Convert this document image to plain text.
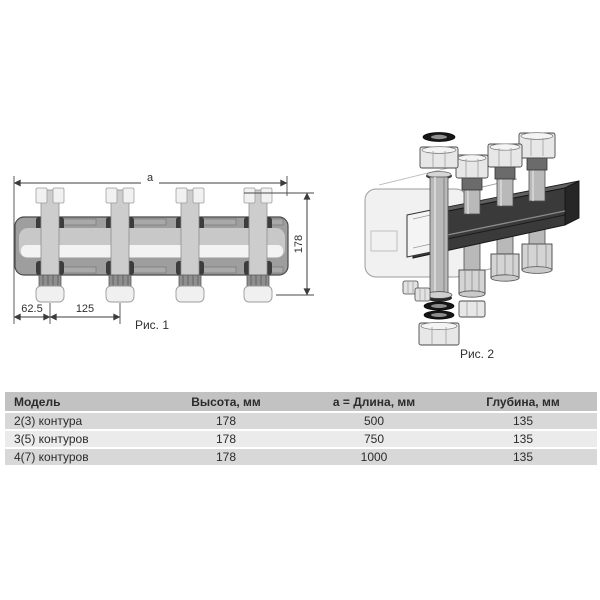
a
178
62.5	125
Рис. 1
Рис. 2
Модель	Высота, мм	a = Длина, мм	Глубина, мм
2(3) контура	178	500	135
3(5) контуров	178	750	135
4(7) контуров	178	1000	135
